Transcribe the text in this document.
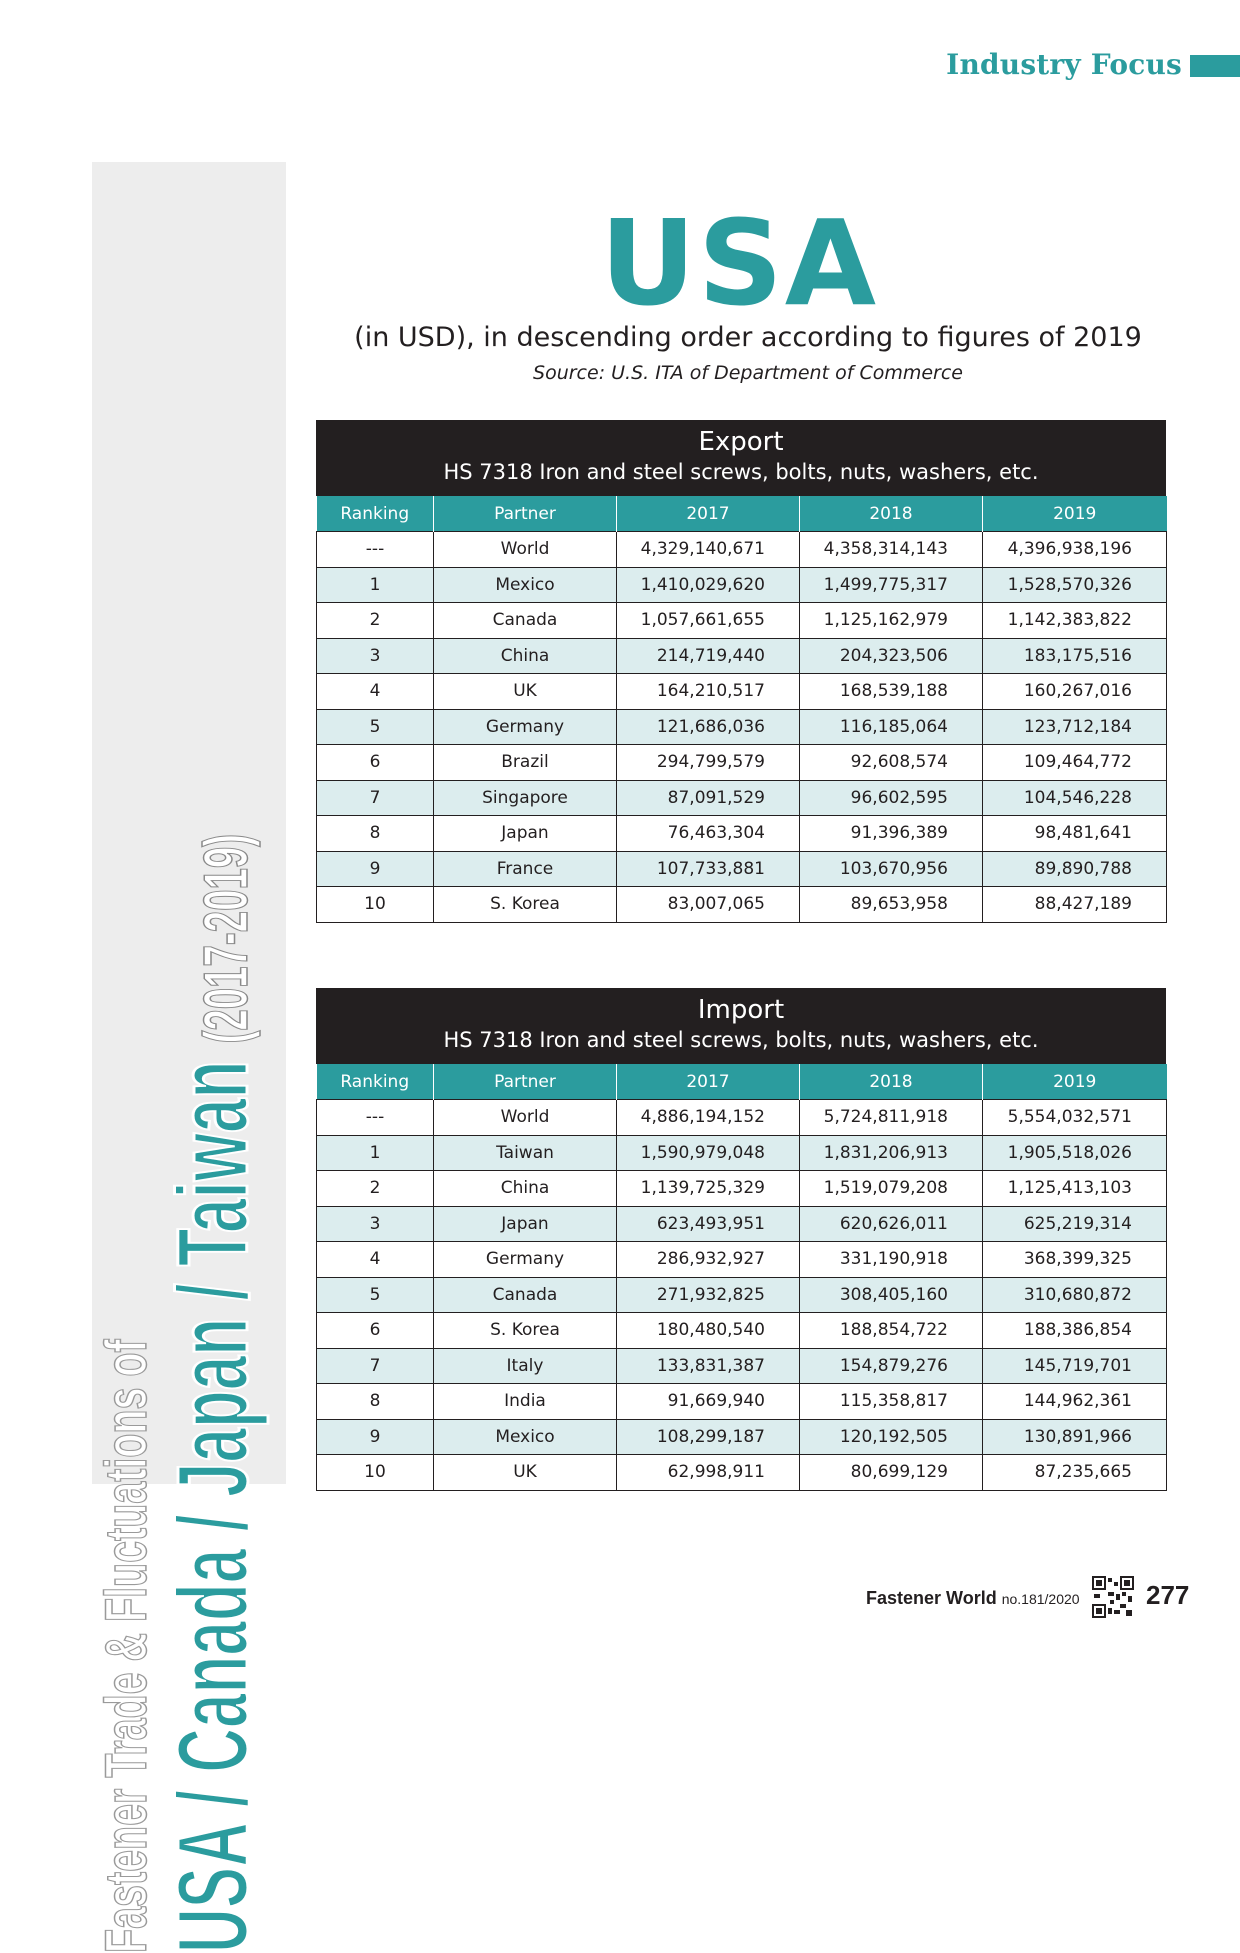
Industry Focus
Fastener Trade & Fluctuations of
USA / Canada / Japan / Taiwan (2017-2019)
USA
(in USD), in descending order according to figures of 2019
Source: U.S. ITA of Department of Commerce
Export
HS 7318 Iron and steel screws, bolts, nuts, washers, etc.
Ranking	Partner	2017	2018	2019
---	World	4,329,140,671	4,358,314,143	4,396,938,196
1	Mexico	1,410,029,620	1,499,775,317	1,528,570,326
2	Canada	1,057,661,655	1,125,162,979	1,142,383,822
3	China	214,719,440	204,323,506	183,175,516
4	UK	164,210,517	168,539,188	160,267,016
5	Germany	121,686,036	116,185,064	123,712,184
6	Brazil	294,799,579	92,608,574	109,464,772
7	Singapore	87,091,529	96,602,595	104,546,228
8	Japan	76,463,304	91,396,389	98,481,641
9	France	107,733,881	103,670,956	89,890,788
10	S. Korea	83,007,065	89,653,958	88,427,189
Import
HS 7318 Iron and steel screws, bolts, nuts, washers, etc.
Ranking	Partner	2017	2018	2019
---	World	4,886,194,152	5,724,811,918	5,554,032,571
1	Taiwan	1,590,979,048	1,831,206,913	1,905,518,026
2	China	1,139,725,329	1,519,079,208	1,125,413,103
3	Japan	623,493,951	620,626,011	625,219,314
4	Germany	286,932,927	331,190,918	368,399,325
5	Canada	271,932,825	308,405,160	310,680,872
6	S. Korea	180,480,540	188,854,722	188,386,854
7	Italy	133,831,387	154,879,276	145,719,701
8	India	91,669,940	115,358,817	144,962,361
9	Mexico	108,299,187	120,192,505	130,891,966
10	UK	62,998,911	80,699,129	87,235,665
Fastener World no.181/2020	277
